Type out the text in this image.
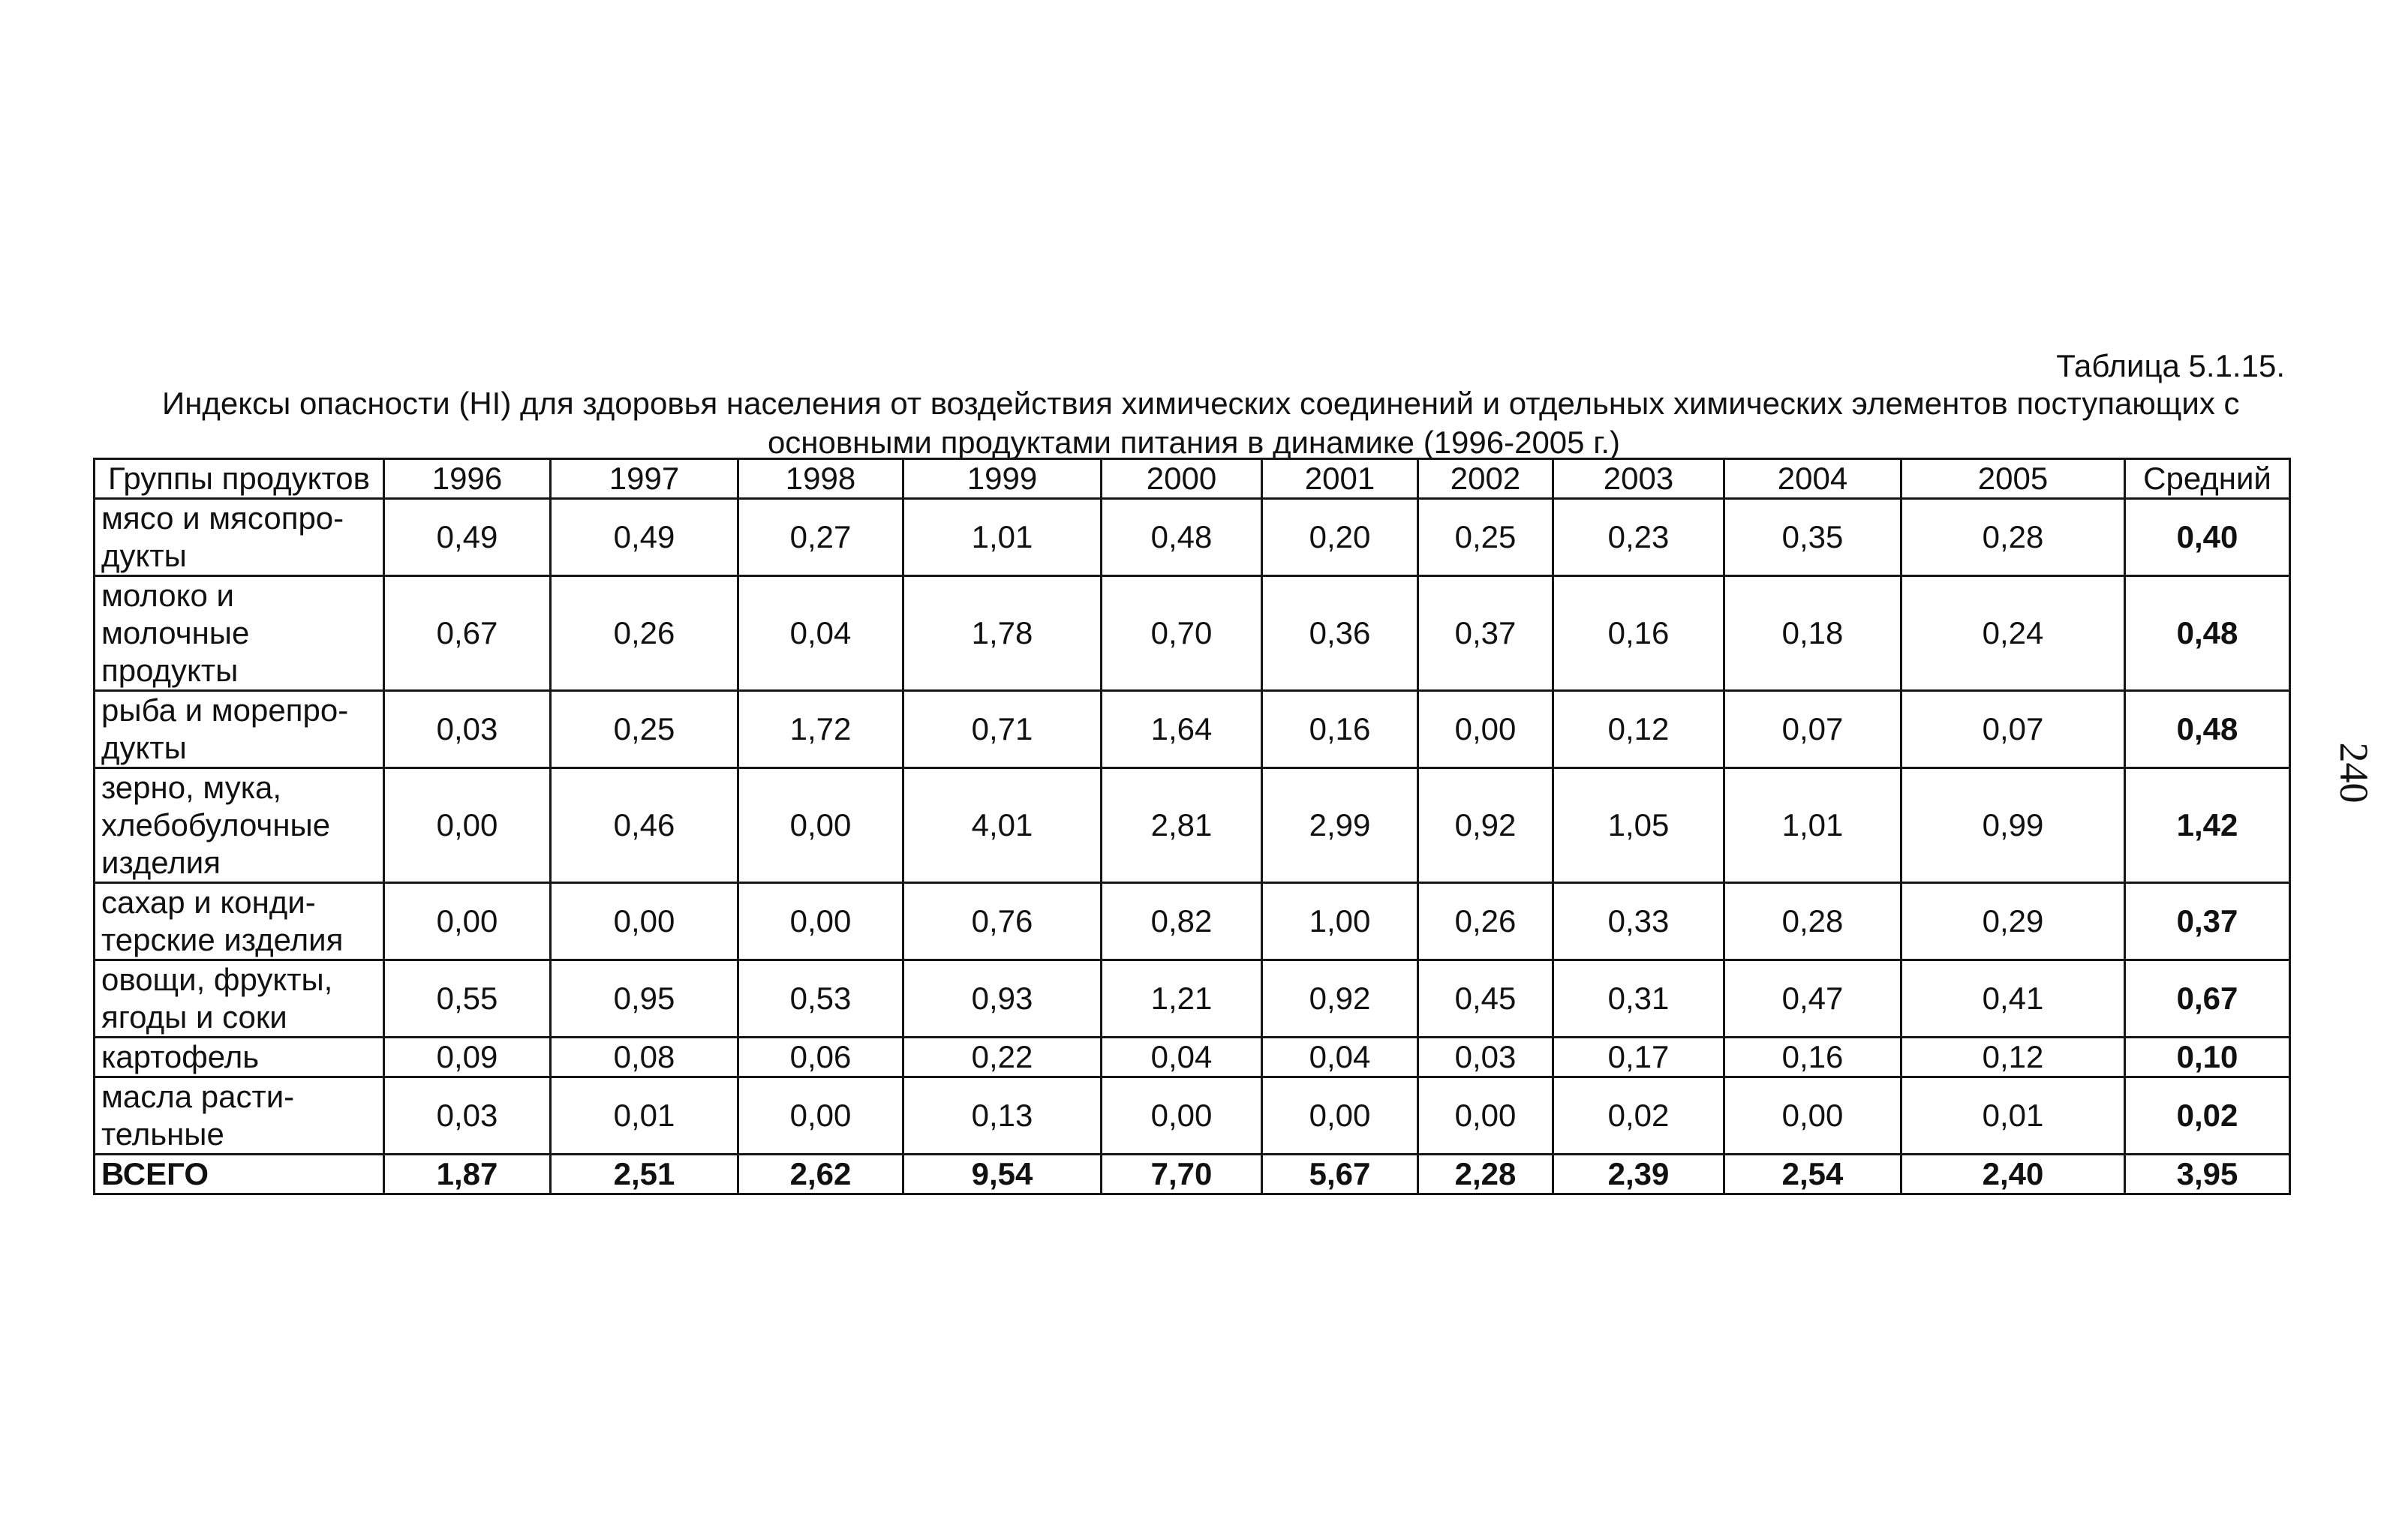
Таблица 5.1.15.
Индексы опасности (HI) для здоровья населения от воздействия химических соединений и отдельных химических элементов поступающих с
основными продуктами питания в динамике (1996-2005 г.)
Группы продуктов	1996	1997	1998	1999	2000	2001	2002	2003	2004	2005	Средний
мясо и мясопро-
дукты	0,49	0,49	0,27	1,01	0,48	0,20	0,25	0,23	0,35	0,28	0,40
молоко и
молочные
продукты	0,67	0,26	0,04	1,78	0,70	0,36	0,37	0,16	0,18	0,24	0,48
рыба и морепро-
дукты	0,03	0,25	1,72	0,71	1,64	0,16	0,00	0,12	0,07	0,07	0,48
зерно, мука,
хлебобулочные
изделия	0,00	0,46	0,00	4,01	2,81	2,99	0,92	1,05	1,01	0,99	1,42
сахар и конди-
терские изделия	0,00	0,00	0,00	0,76	0,82	1,00	0,26	0,33	0,28	0,29	0,37
овощи, фрукты,
ягоды и соки	0,55	0,95	0,53	0,93	1,21	0,92	0,45	0,31	0,47	0,41	0,67
картофель	0,09	0,08	0,06	0,22	0,04	0,04	0,03	0,17	0,16	0,12	0,10
масла расти-
тельные	0,03	0,01	0,00	0,13	0,00	0,00	0,00	0,02	0,00	0,01	0,02
ВСЕГО	1,87	2,51	2,62	9,54	7,70	5,67	2,28	2,39	2,54	2,40	3,95
240
